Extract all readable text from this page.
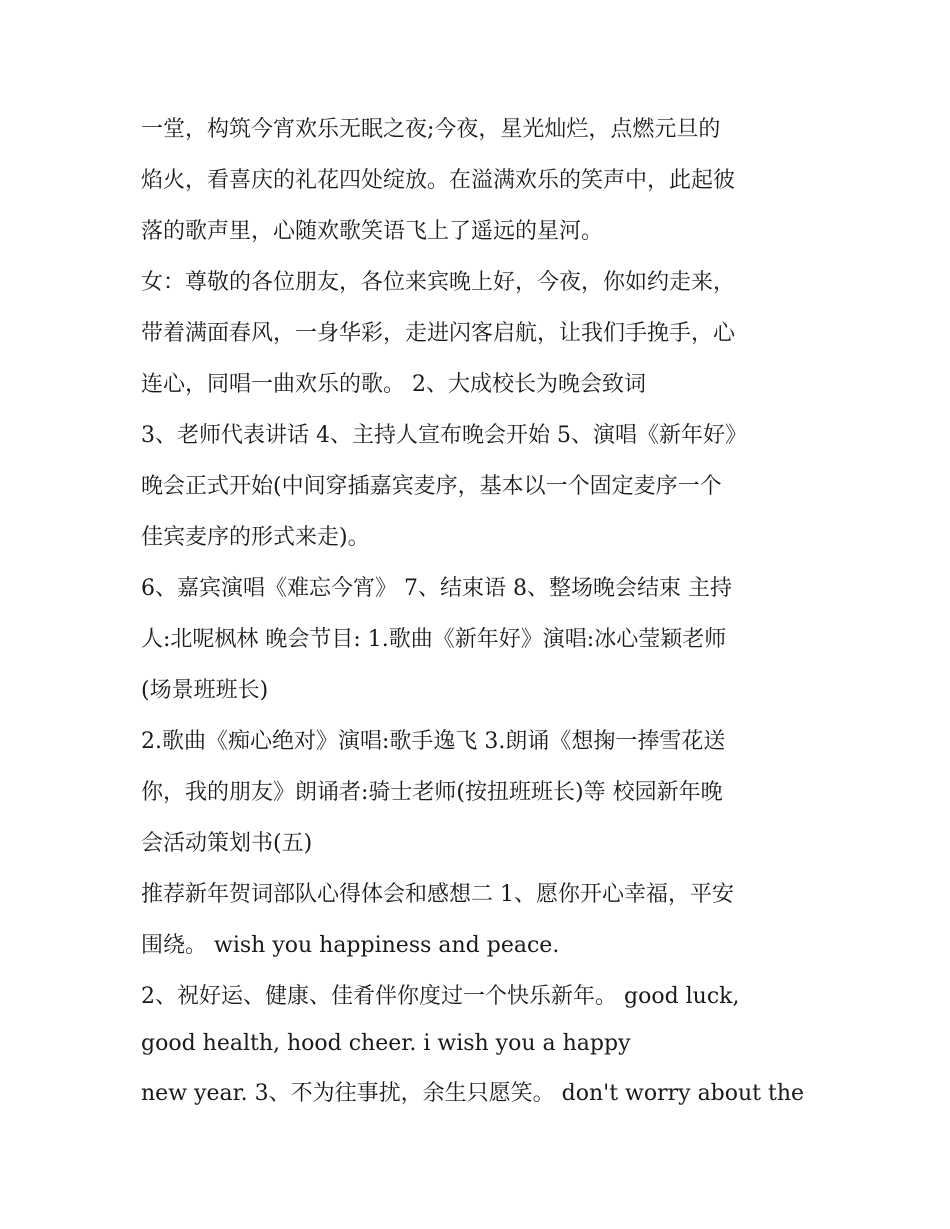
一堂，构筑今宵欢乐无眠之夜;今夜，星光灿烂，点燃元旦的
焰火，看喜庆的礼花四处绽放。在溢满欢乐的笑声中，此起彼
落的歌声里，心随欢歌笑语飞上了遥远的星河。
女：尊敬的各位朋友，各位来宾晚上好，今夜，你如约走来，
带着满面春风，一身华彩，走进闪客启航，让我们手挽手，心
连心，同唱一曲欢乐的歌。 2、大成校长为晚会致词
3、老师代表讲话 4、主持人宣布晚会开始 5、演唱《新年好》
晚会正式开始(中间穿插嘉宾麦序，基本以一个固定麦序一个
佳宾麦序的形式来走)。
6、嘉宾演唱《难忘今宵》 7、结束语 8、整场晚会结束 主持
人:北呢枫林 晚会节目: 1.歌曲《新年好》演唱:冰心莹颖老师
(场景班班长)
2.歌曲《痴心绝对》演唱:歌手逸飞 3.朗诵《想掬一捧雪花送
你，我的朋友》朗诵者:骑士老师(按扭班班长)等 校园新年晚
会活动策划书(五)
推荐新年贺词部队心得体会和感想二 1、愿你开心幸福，平安
围绕。 wish you happiness and peace.
2、祝好运、健康、佳肴伴你度过一个快乐新年。 good luck,
good health, hood cheer. i wish you a happy
new year. 3、不为往事扰，余生只愿笑。 don't worry about the
